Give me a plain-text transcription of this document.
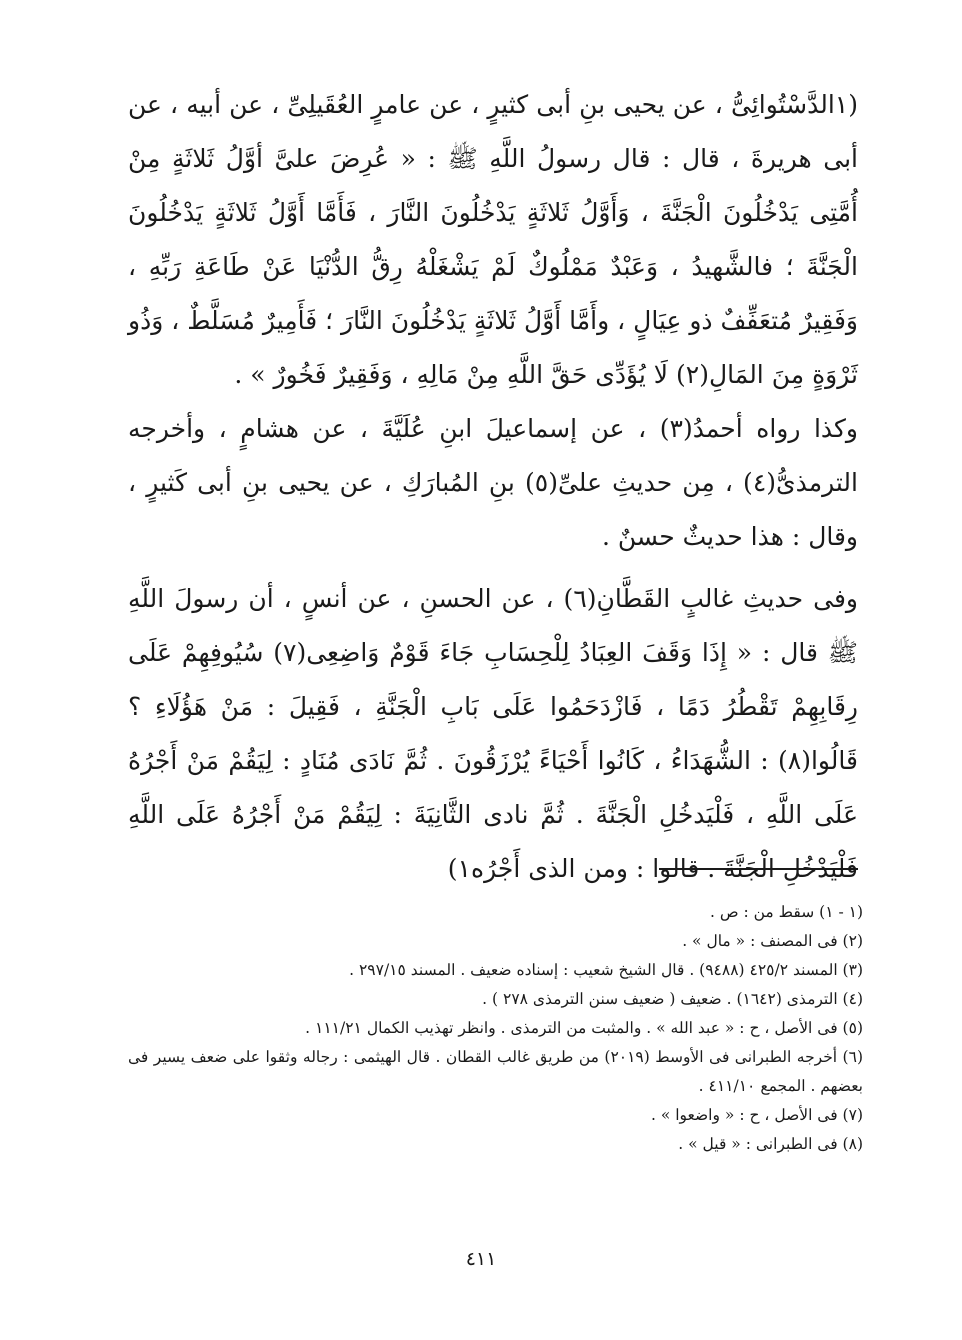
(١الدَّسْتُوائِىُّ ، عن يحيى بنِ أبى كثيرٍ ، عن عامرٍ العُقَيلِىِّ ، عن أبيه ، عن أبى هريرةَ ، قال : قال رسولُ اللَّهِ ﷺ : « عُرِضَ علىَّ أوَّلُ ثَلاثَةٍ مِنْ أُمَّتِى يَدْخُلُونَ الْجَنَّةَ ، وَأَوَّلُ ثَلاثَةٍ يَدْخُلُونَ النَّارَ ، فَأَمَّا أَوَّلُ ثَلاثَةٍ يَدْخُلُونَ الْجَنَّةَ ؛ فالشَّهيدُ ، وَعَبْدٌ مَمْلُوكٌ لَمْ يَشْغَلْهُ رِقُّ الدُّنْيَا عَنْ طَاعَةِ رَبِّهِ ، وَفَقِيرٌ مُتعَفِّفٌ ذو عِيَالٍ ، وأَمَّا أَوَّلُ ثَلاثَةٍ يَدْخُلُونَ النَّارَ ؛ فَأَمِيرٌ مُسَلَّطٌ ، وَذُو ثَرْوَةٍ مِنَ المَالِ(٢) لَا يُؤَدِّى حَقَّ اللَّهِ مِنْ مَالِهِ ، وَفَقِيرٌ فَخُورٌ » .

وكذا رواه أحمدُ(٣) ، عن إسماعيلَ ابنِ عُلَيَّةَ ، عن هشامٍ ، وأخرجه الترمذىُّ(٤) ، مِن حديثِ علىِّ(٥) بنِ المُبارَكِ ، عن يحيى بنِ أبى كَثيرٍ ، وقال : هذا حديثٌ حسنٌ .

وفى حديثِ غالبٍ القَطَّانِ(٦) ، عن الحسنِ ، عن أنسٍ ، أن رسولَ اللَّهِ ﷺ قال : « إِذَا وَقَفَ العِبَادُ لِلْحِسَابِ جَاءَ قَوْمٌ وَاضِعِى(٧) سُيُوفِهِمْ عَلَى رِقَابِهِمْ تَقْطُرُ دَمًا ، فَازْدَحَمُوا عَلَى بَابِ الْجَنَّةِ ، فَقِيلَ : مَنْ هَؤُلَاءِ ؟ قَالُوا(٨) : الشُّهَدَاءُ ، كَانُوا أَحْيَاءً يُرْزَقُونَ . ثُمَّ نَادَى مُنَادٍ : لِيَقُمْ مَنْ أَجْرُهُ عَلَى اللَّهِ ، فَلْيَدخُلِ الْجَنَّةَ . ثُمَّ نادى الثَّانِيَةَ : لِيَقُمْ مَنْ أَجْرُهُ عَلَى اللَّهِ فَلْيَدْخُلِ الْجَنَّةَ . قالوا : ومن الذى أَجْرُه١)

(١ - ١) سقط من : ص .
(٢) فى المصنف : « مال » .
(٣) المسند ٤٢٥/٢ (٩٤٨٨) . قال الشيخ شعيب : إسناده ضعيف . المسند ٢٩٧/١٥ .
(٤) الترمذى (١٦٤٢) . ضعيف ( ضعيف سنن الترمذى ٢٧٨ ) .
(٥) فى الأصل ، ح : « عبد الله » . والمثبت من الترمذى . وانظر تهذيب الكمال ١١١/٢١ .
(٦) أخرجه الطبرانى فى الأوسط (٢٠١٩) من طريق غالب القطان . قال الهيثمى : رجاله وثقوا على ضعف يسير فى بعضهم . المجمع ٤١١/١٠ .
(٧) فى الأصل ، ح : « واضعوا » .
(٨) فى الطبرانى : « قيل » .
٤١١
